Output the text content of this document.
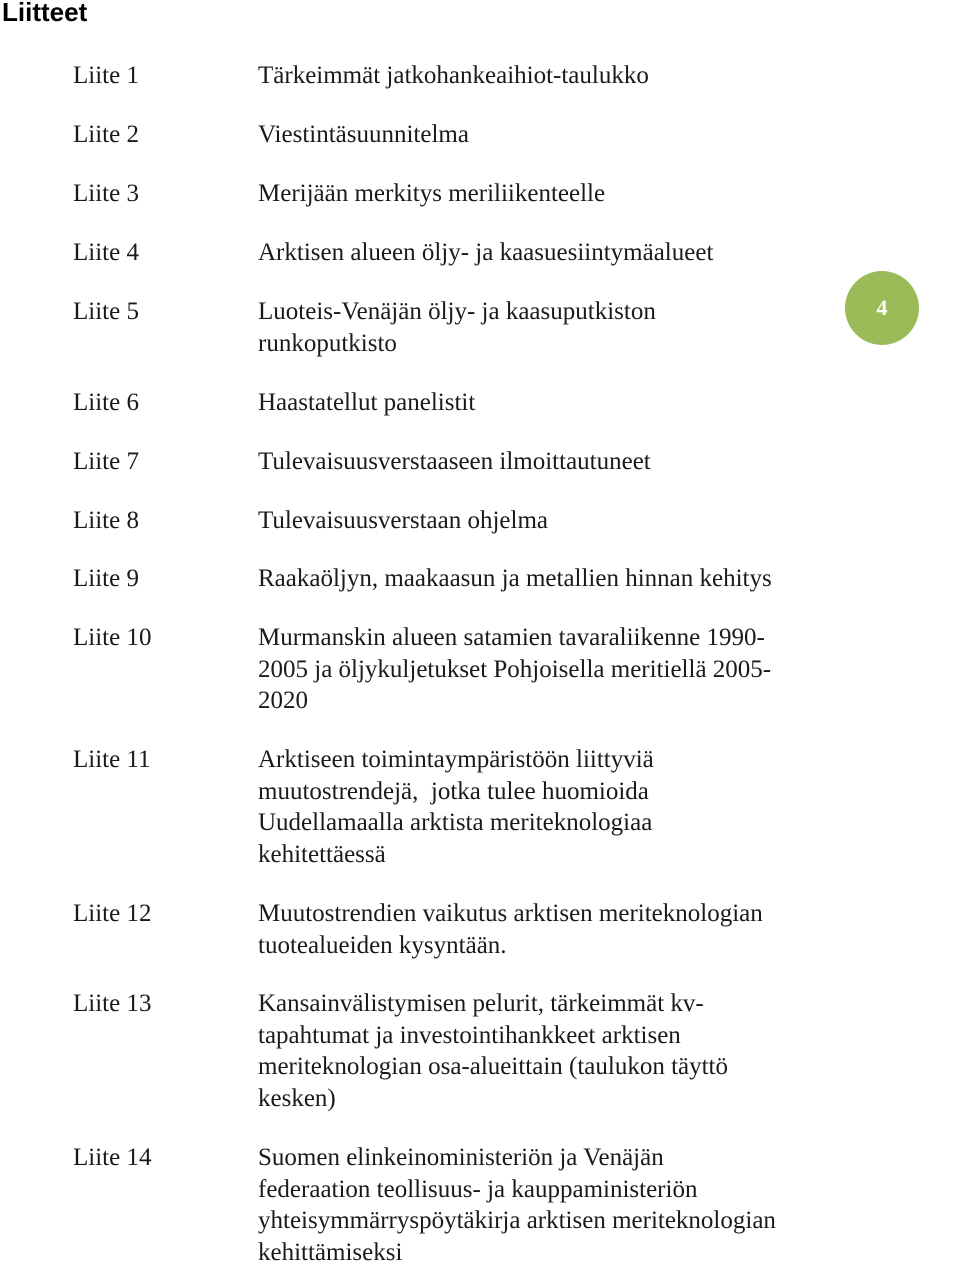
Liitteet
Liite 1	Tärkeimmät jatkohankeaihiot-taulukko
Liite 2	Viestintäsuunnitelma
Liite 3	Merijään merkitys meriliikenteelle
Liite 4	Arktisen alueen öljy- ja kaasuesiintymäalueet
Liite 5	Luoteis-Venäjän öljy- ja kaasuputkiston
runkoputkisto
Liite 6	Haastatellut panelistit
Liite 7	Tulevaisuusverstaaseen ilmoittautuneet
Liite 8	Tulevaisuusverstaan ohjelma
Liite 9	Raakaöljyn, maakaasun ja metallien hinnan kehitys
Liite 10	Murmanskin alueen satamien tavaraliikenne 1990-
2005 ja öljykuljetukset Pohjoisella meritiellä 2005-
2020
Liite 11	Arktiseen toimintaympäristöön liittyviä
muutostrendejä,  jotka tulee huomioida
Uudellamaalla arktista meriteknologiaa
kehitettäessä
Liite 12	Muutostrendien vaikutus arktisen meriteknologian
tuotealueiden kysyntään.
Liite 13	Kansainvälistymisen pelurit, tärkeimmät kv-
tapahtumat ja investointihankkeet arktisen
meriteknologian osa-alueittain (taulukon täyttö
kesken)
Liite 14	Suomen elinkeinoministeriön ja Venäjän
federaation teollisuus- ja kauppaministeriön
yhteisymmärryspöytäkirja arktisen meriteknologian
kehittämiseksi
4
